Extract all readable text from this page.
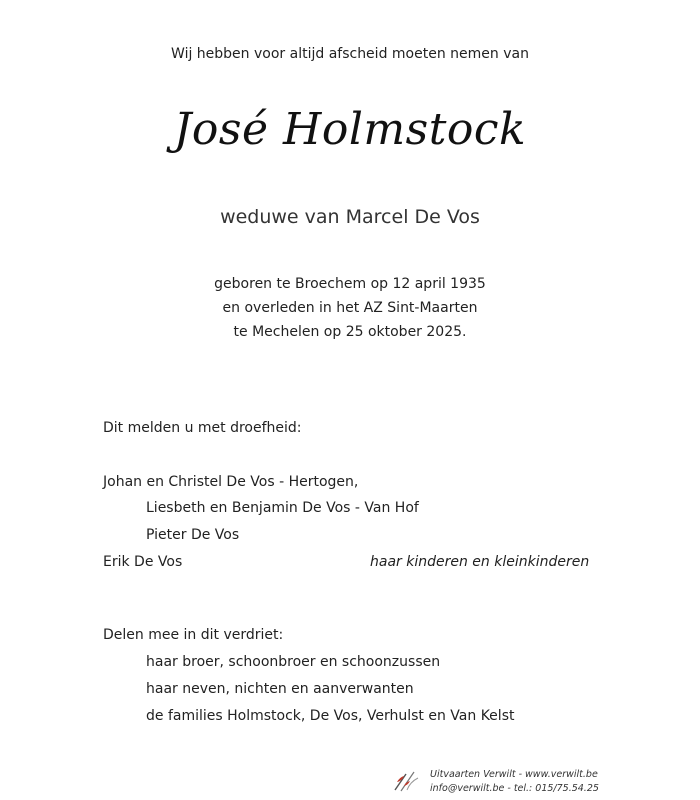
Wij hebben voor altijd afscheid moeten nemen van
José Holmstock
weduwe van Marcel De Vos
geboren te Broechem op 12 april 1935
en overleden in het AZ Sint-Maarten
te Mechelen op 25 oktober 2025.
Dit melden u met droefheid:
Johan en Christel De Vos - Hertogen,
Liesbeth en Benjamin De Vos - Van Hof
Pieter De Vos
Erik De Vos	haar kinderen en kleinkinderen
Delen mee in dit verdriet:
haar broer, schoonbroer en schoonzussen
haar neven, nichten en aanverwanten
de families Holmstock, De Vos, Verhulst en Van Kelst
Uitvaarten Verwilt - www.verwilt.be
info@verwilt.be - tel.: 015/75.54.25
